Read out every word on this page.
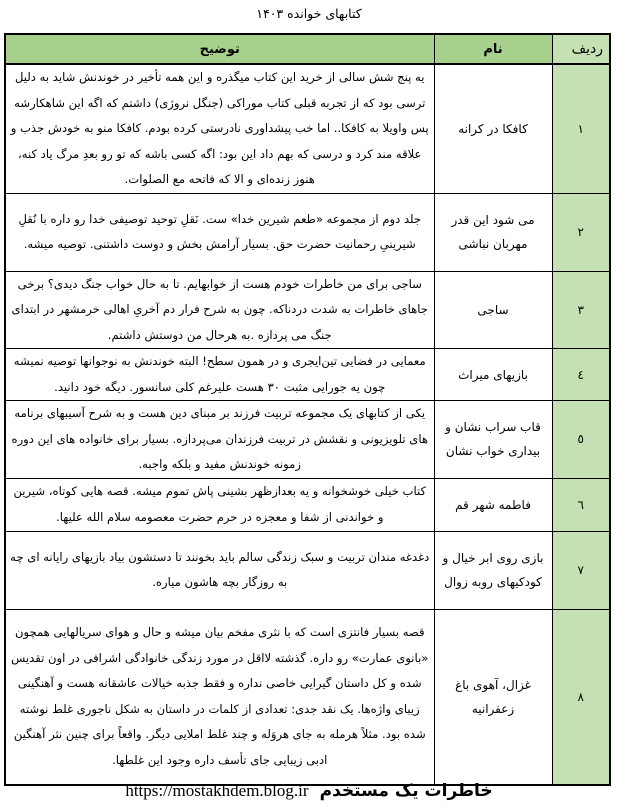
کتابهای خوانده ۱۴۰۳
ردیف	نام	توضیح
۱	کافکا در کرانه	یه پنج شش سالی از خرید این کتاب میگذره و این همه تأخیر در خوندنش شاید به دلیل ترسی بود که از تجربه قبلی کتاب موراکی (جنگل نروژی) داشتم که اگه این شاهکارشه پس واویلا به کافکا.. اما خب پیشداوری نادرستی کرده بودم. کافکا منو به خودش جذب و علاقه مند کرد و درسی که بهم داد این بود: اگه کسی باشه که تو رو بعدِ مرگ یاد کنه، هنوز زنده‌ای و الا که فاتحه مع الصلوات.
۲	می شود این قدر مهربان نباشی	جلد دوم از مجموعه «طعم شیرین خدا» ست. نَقلِ توحید توصیفی خدا رو داره با نُقلِ شیرینیِ رحمانیت حضرت حق. بسیار آرامش بخش و دوست داشتنی. توصیه میشه.
۳	ساجی	ساجی برای من خاطرات خودم هست از خوابهایم. تا به حال خواب جنگ دیدی؟ برخی جاهای خاطرات به شدت دردناکه. چون به شرح فرار دم آخریِ اهالی خرمشهر در ابتدای جنگ می پردازه .به هرحال من دوستش داشتم.
٤	بازیهای میراث	معمایی در فضایی تین‌ایجری و در همون سطح! البته خوندنش به نوجوانها توصیه نمیشه چون یه جورایی مثبت ۳۰ هست علیرغم کلی سانسور. دیگه خود دانید.
٥	قاب سراب نشان و بیداری خواب نشان	یکی از کتابهای یک مجموعه تربیت فرزند بر مبنای دین هست و به شرح آسیبهای برنامه های تلویزیونی و نقشش در تربیت فرزندان می‌پردازه. بسیار برای خانواده های این دوره زمونه خوندنش مفید و بلکه واجبه.
٦	فاطمه شهر قم	کتاب خیلی خوشخوانه و یه بعدازظهر بشینی پاش تموم میشه. قصه هایی کوتاه، شیرین و خواندنی از شفا و معجزه در حرم حضرت معصومه سلام الله علیها.
۷	بازی روی ابر خیال و کودکیهای روبه زوال	دغدغه مندان تربیت و سبک زندگی سالم باید بخونند تا دستشون بیاد بازیهای رایانه ای چه به روزگار بچه هاشون میاره.
۸	غزال، آهوی باغ زعفرانیه	قصه بسیار فانتزی است که با نثری مفخم بیان میشه و حال و هوای سریالهایی همچون «بانوی عمارت» رو داره. گذشته لااقل در مورد زندگی خانوادگی اشرافی در اون تقدیس شده و کل داستان گیرایی خاصی نداره و فقط جذبه خیالات عاشقانه هست و آهنگینی زیبای واژه‌ها. یک نقد جدی: تعدادی از کلمات در داستان به شکل ناجوری غلط نوشته شده بود. مثلاً هرمله به جای هروَله و چند غلط املایی دیگر. واقعاً برای چنین نثر آهنگین ادبی زیبایی جای تأسف داره وجود این غلطها.
https://mostakhdem.blog.ir خاطرات یک مستخدم
